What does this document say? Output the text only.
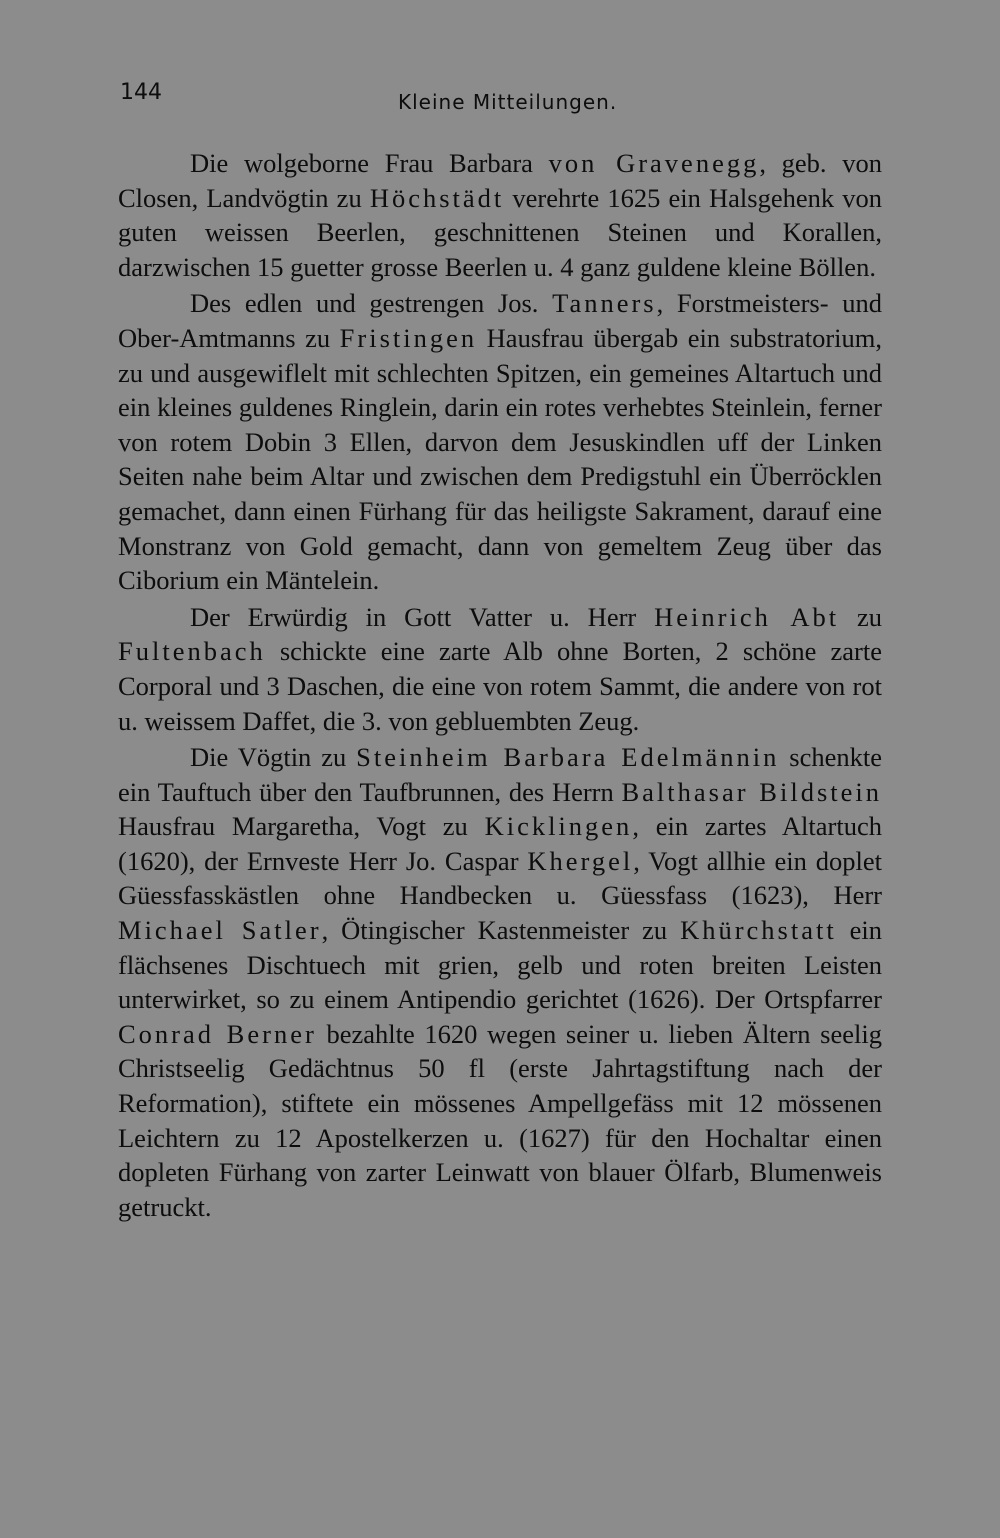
144	Kleine Mitteilungen.

Die wolgeborne Frau Barbara von Gravenegg, geb. von Closen, Landvögtin zu Höchstädt verehrte 1625 ein Halsgehenk von guten weissen Beerlen, geschnittenen Steinen und Korallen, darzwischen 15 guetter grosse Beerlen u. 4 ganz guldene kleine Böllen.

Des edlen und gestrengen Jos. Tanners, Forstmeisters- und Ober-Amtmanns zu Fristingen Hausfrau übergab ein substratorium, zu und ausgewiflelt mit schlechten Spitzen, ein gemeines Altartuch und ein kleines guldenes Ringlein, darin ein rotes verhebtes Steinlein, ferner von rotem Dobin 3 Ellen, darvon dem Jesuskindlen uff der Linken Seiten nahe beim Altar und zwischen dem Predigstuhl ein Überröcklen gemachet, dann einen Fürhang für das heiligste Sakrament, darauf eine Monstranz von Gold gemacht, dann von gemeltem Zeug über das Ciborium ein Mäntelein.

Der Erwürdig in Gott Vatter u. Herr Heinrich Abt zu Fultenbach schickte eine zarte Alb ohne Borten, 2 schöne zarte Corporal und 3 Daschen, die eine von rotem Sammt, die andere von rot u. weissem Daffet, die 3. von gebluembten Zeug.

Die Vögtin zu Steinheim Barbara Edelmännin schenkte ein Tauftuch über den Taufbrunnen, des Herrn Balthasar Bildstein Hausfrau Margaretha, Vogt zu Kicklingen, ein zartes Altartuch (1620), der Ernveste Herr Jo. Caspar Khergel, Vogt allhie ein doplet Güessfasskästlen ohne Handbecken u. Güessfass (1623), Herr Michael Satler, Ötingischer Kastenmeister zu Khürchstatt ein flächsenes Dischtuech mit grien, gelb und roten breiten Leisten unterwirket, so zu einem Antipendio gerichtet (1626). Der Ortspfarrer Conrad Berner bezahlte 1620 wegen seiner u. lieben Ältern seelig Christseelig Gedächtnus 50 fl (erste Jahrtagstiftung nach der Reformation), stiftete ein mössenes Ampellgefäss mit 12 mössenen Leichtern zu 12 Apostelkerzen u. (1627) für den Hochaltar einen dopleten Fürhang von zarter Leinwatt von blauer Ölfarb, Blumenweis getruckt.
